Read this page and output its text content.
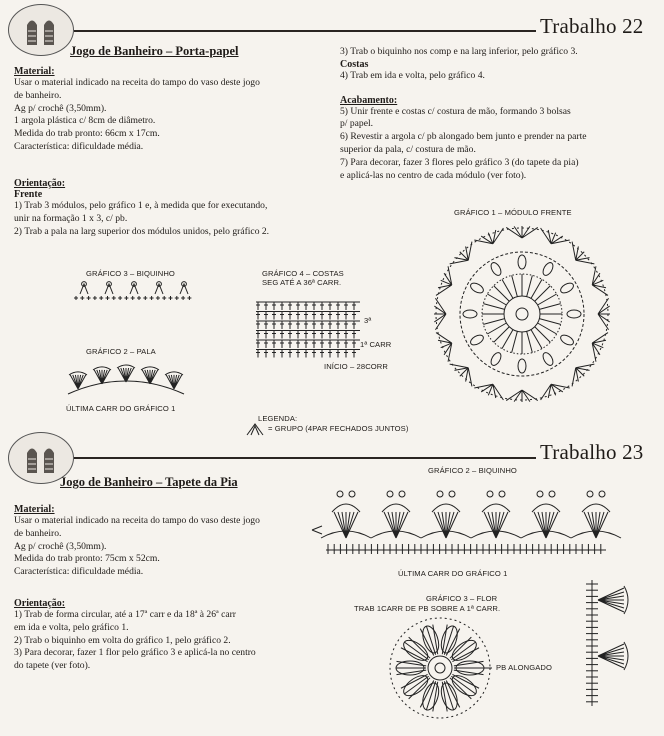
Trabalho 22
Jogo de Banheiro – Porta-papel
Material:

Usar o material indicado na receita do tampo do vaso deste jogo

de banheiro.

Ag p/ crochê (3,50mm).

1 argola plástica c/ 8cm de diâmetro.

Medida do trab pronto: 66cm x 17cm.

Característica: dificuldade média.

Orientação:
Frente

1) Trab 3 módulos, pelo gráfico 1 e, à medida que for executando,

unir na formação 1 x 3, c/ pb.

2) Trab a pala na larg superior dos módulos unidos, pelo gráfico 2.

3) Trab o biquinho nos comp e na larg inferior, pelo gráfico 3.

Costas

4) Trab em ida e volta, pelo gráfico 4.

Acabamento:

5) Unir frente e costas c/ costura de mão, formando 3 bolsas

p/ papel.

6) Revestir a argola c/ pb alongado bem junto e prender na parte

superior da pala, c/ costura de mão.

7) Para decorar, fazer 3 flores pelo gráfico 3 (do tapete da pia)

e aplicá-las no centro de cada módulo (ver foto).

GRÁFICO 1 – MÓDULO FRENTE
GRÁFICO 3 – BIQUINHO	GRÁFICO 4 – COSTAS
SEG ATÉ A 36ª CARR.
3ª
1ª CARR
INÍCIO – 28CORR
GRÁFICO 2 – PALA
ÚLTIMA CARR DO GRÁFICO 1
LEGENDA:
= GRUPO (4PAR FECHADOS JUNTOS)
Trabalho 23
Jogo de Banheiro – Tapete da Pia
Material:

Usar o material indicado na receita do tampo do vaso deste jogo

de banheiro.

Ag p/ crochê (3,50mm).

Medida do trab pronto: 75cm x 52cm.

Característica: dificuldade média.

Orientação:

1) Trab de forma circular, até a 17ª carr e da 18ª à 26ª carr

em ida e volta, pelo gráfico 1.

2) Trab o biquinho em volta do gráfico 1, pelo gráfico 2.

3) Para decorar, fazer 1 flor pelo gráfico 3 e aplicá-la no centro

do tapete (ver foto).

GRÁFICO 2 – BIQUINHO
ÚLTIMA CARR DO GRÁFICO 1
GRÁFICO 3 – FLOR
TRAB 1CARR DE PB SOBRE A 1ª CARR.
PB ALONGADO
